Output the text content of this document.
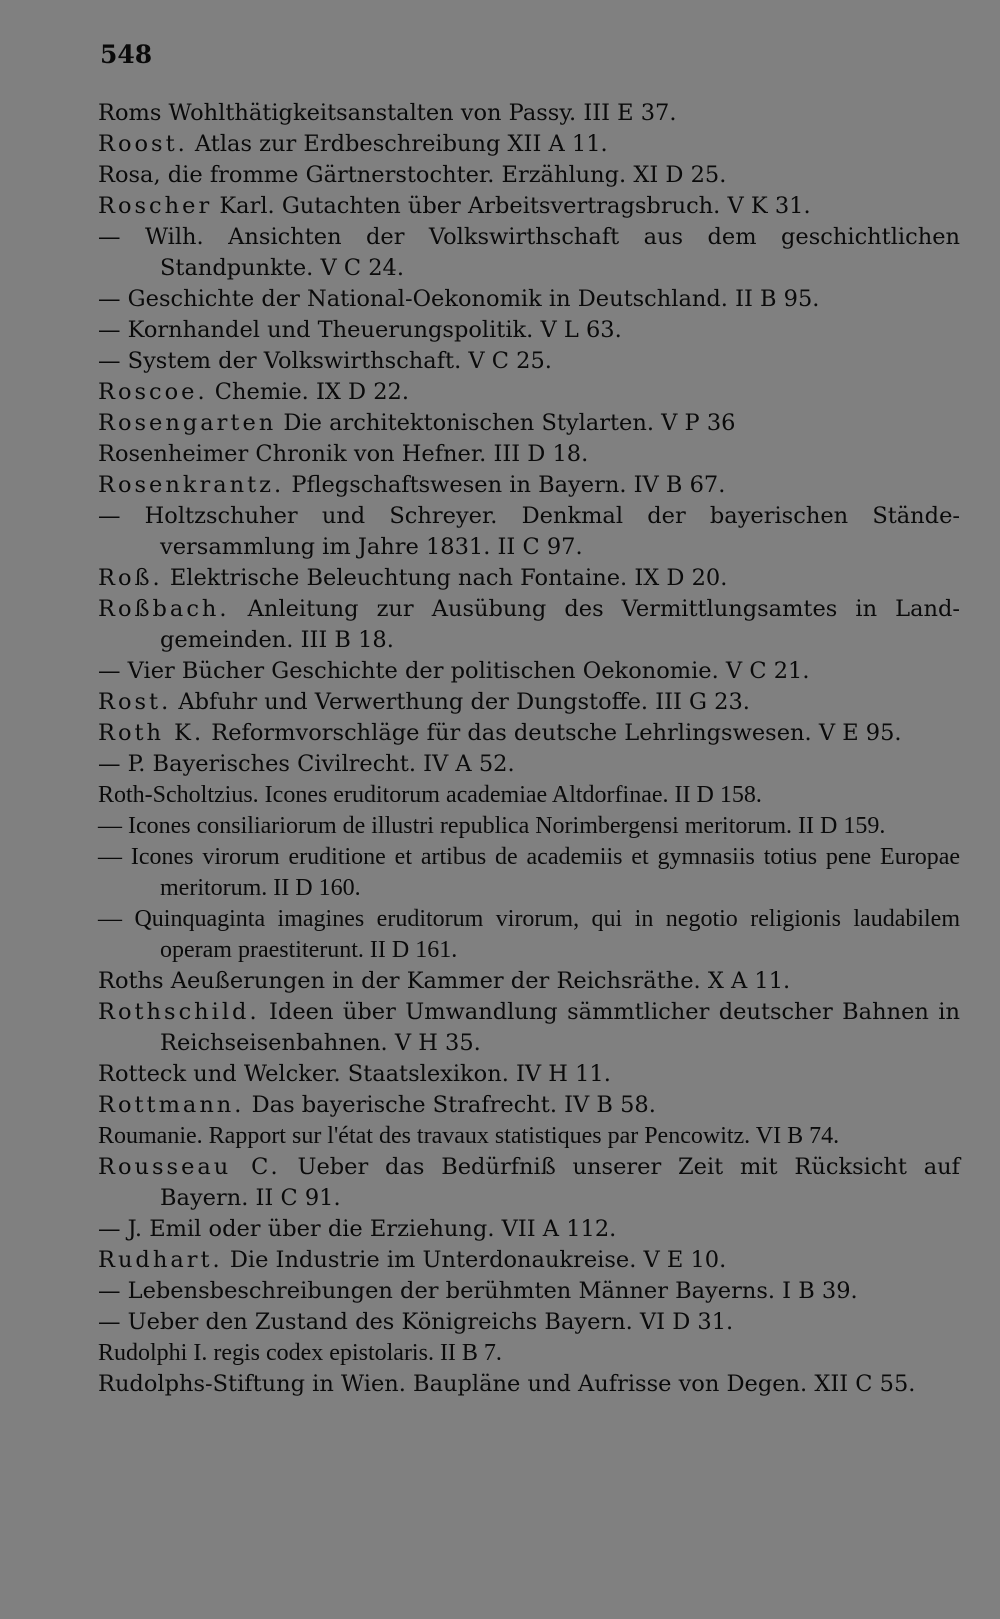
548
Roms Wohlthätigkeitsanstalten von Passy. III E 37.
Roost. Atlas zur Erdbeschreibung XII A 11.
Rosa, die fromme Gärtnerstochter. Erzählung. XI D 25.
Roscher Karl. Gutachten über Arbeitsvertragsbruch. V K 31.
— Wilh. Ansichten der Volkswirthschaft aus dem geschichtlichen Standpunkte. V C 24.
— Geschichte der National-Oekonomik in Deutschland. II B 95.
— Kornhandel und Theuerungspolitik. V L 63.
— System der Volkswirthschaft. V C 25.
Roscoe. Chemie. IX D 22.
Rosengarten Die architektonischen Stylarten. V P 36
Rosenheimer Chronik von Hefner. III D 18.
Rosenkrantz. Pflegschaftswesen in Bayern. IV B 67.
— Holtzschuher und Schreyer. Denkmal der bayerischen Stände-versammlung im Jahre 1831. II C 97.
Roß. Elektrische Beleuchtung nach Fontaine. IX D 20.
Roßbach. Anleitung zur Ausübung des Vermittlungsamtes in Land-gemeinden. III B 18.
— Vier Bücher Geschichte der politischen Oekonomie. V C 21.
Rost. Abfuhr und Verwerthung der Dungstoffe. III G 23.
Roth K. Reformvorschläge für das deutsche Lehrlingswesen. V E 95.
— P. Bayerisches Civilrecht. IV A 52.
Roth-Scholtzius. Icones eruditorum academiae Altdorfinae. II D 158.
— Icones consiliariorum de illustri republica Norimbergensi meritorum. II D 159.
— Icones virorum eruditione et artibus de academiis et gymnasiis totius pene Europae meritorum. II D 160.
— Quinquaginta imagines eruditorum virorum, qui in negotio religionis laudabilem operam praestiterunt. II D 161.
Roths Aeußerungen in der Kammer der Reichsräthe. X A 11.
Rothschild. Ideen über Umwandlung sämmtlicher deutscher Bahnen in Reichseisenbahnen. V H 35.
Rotteck und Welcker. Staatslexikon. IV H 11.
Rottmann. Das bayerische Strafrecht. IV B 58.
Roumanie. Rapport sur l'état des travaux statistiques par Pencowitz. VI B 74.
Rousseau C. Ueber das Bedürfniß unserer Zeit mit Rücksicht auf Bayern. II C 91.
— J. Emil oder über die Erziehung. VII A 112.
Rudhart. Die Industrie im Unterdonaukreise. V E 10.
— Lebensbeschreibungen der berühmten Männer Bayerns. I B 39.
— Ueber den Zustand des Königreichs Bayern. VI D 31.
Rudolphi I. regis codex epistolaris. II B 7.
Rudolphs-Stiftung in Wien. Baupläne und Aufrisse von Degen. XII C 55.
